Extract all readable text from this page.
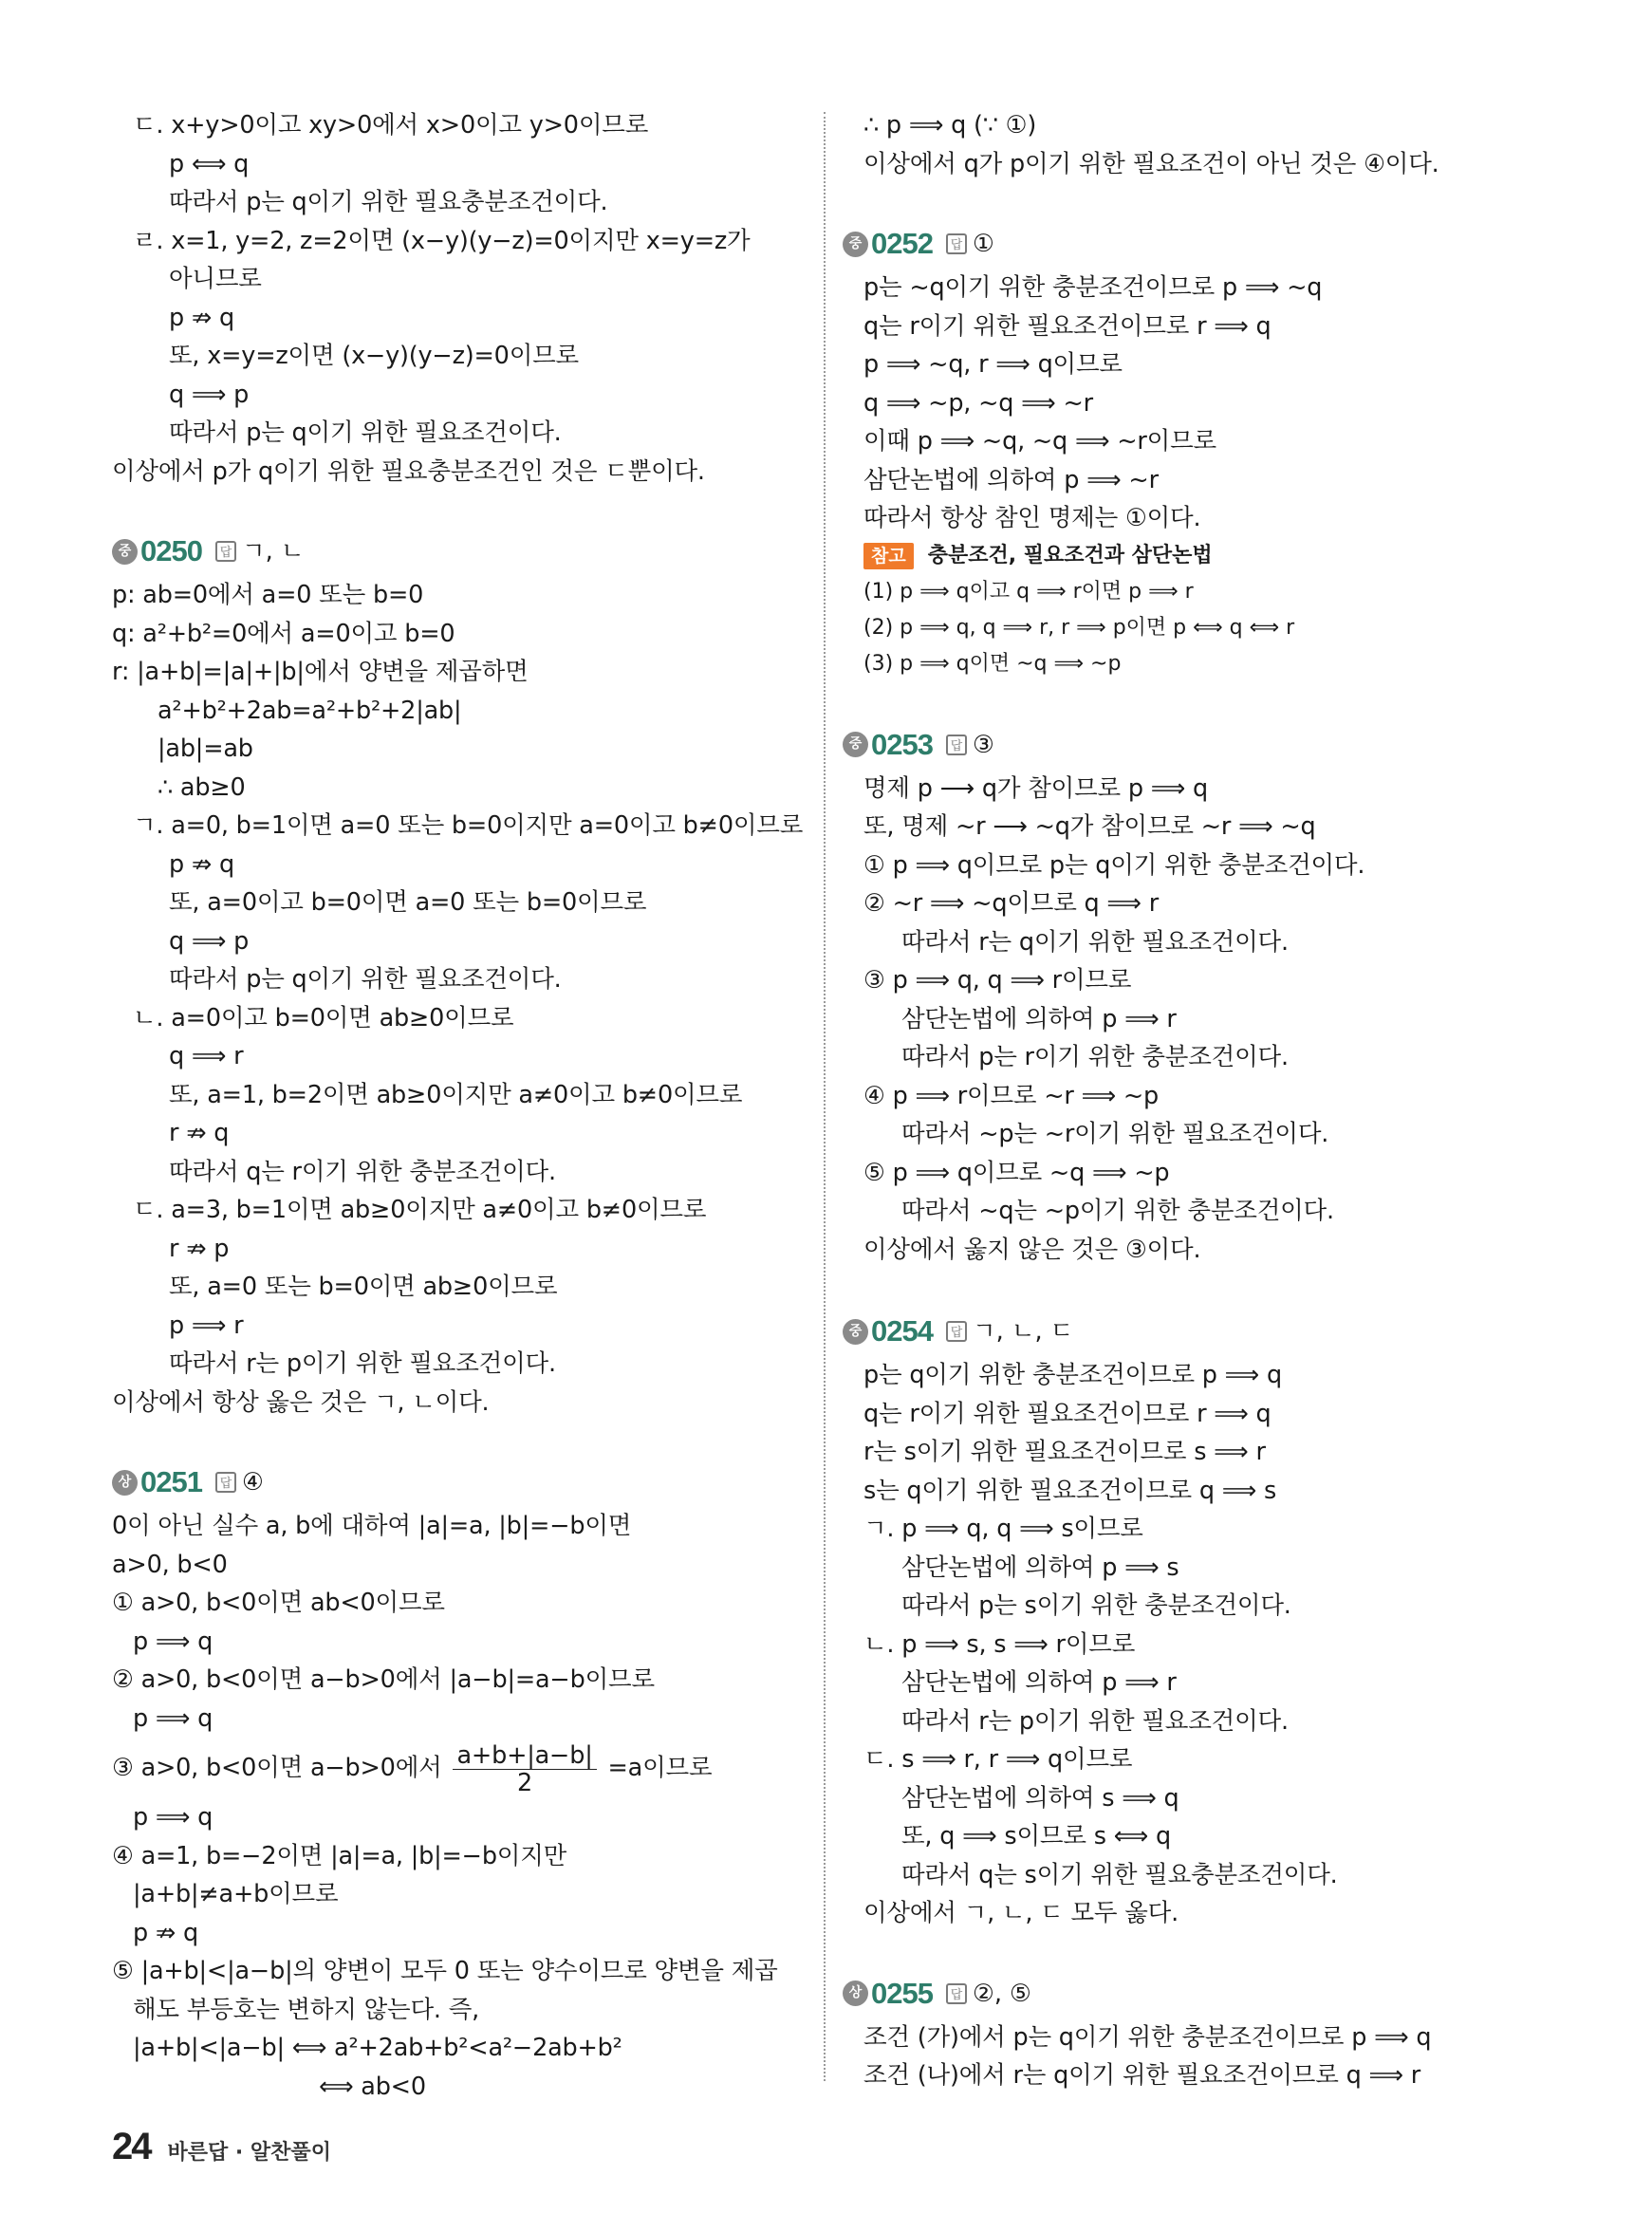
ㄷ. x+y>0이고 xy>0에서 x>0이고 y>0이므로
p ⟺ q
따라서 p는 q이기 위한 필요충분조건이다.
ㄹ. x=1, y=2, z=2이면 (x−y)(y−z)=0이지만 x=y=z가
아니므로
p ⇏ q
또, x=y=z이면 (x−y)(y−z)=0이므로
q ⟹ p
따라서 p는 q이기 위한 필요조건이다.
이상에서 p가 q이기 위한 필요충분조건인 것은 ㄷ뿐이다.
중 0250	답 ㄱ, ㄴ
p: ab=0에서 a=0 또는 b=0
q: a²+b²=0에서 a=0이고 b=0
r: |a+b|=|a|+|b|에서 양변을 제곱하면
a²+b²+2ab=a²+b²+2|ab|
|ab|=ab
∴ ab≥0
ㄱ. a=0, b=1이면 a=0 또는 b=0이지만 a=0이고 b≠0이므로
p ⇏ q
또, a=0이고 b=0이면 a=0 또는 b=0이므로
q ⟹ p
따라서 p는 q이기 위한 필요조건이다.
ㄴ. a=0이고 b=0이면 ab≥0이므로
q ⟹ r
또, a=1, b=2이면 ab≥0이지만 a≠0이고 b≠0이므로
r ⇏ q
따라서 q는 r이기 위한 충분조건이다.
ㄷ. a=3, b=1이면 ab≥0이지만 a≠0이고 b≠0이므로
r ⇏ p
또, a=0 또는 b=0이면 ab≥0이므로
p ⟹ r
따라서 r는 p이기 위한 필요조건이다.
이상에서 항상 옳은 것은 ㄱ, ㄴ이다.
상 0251	답 ④
0이 아닌 실수 a, b에 대하여 |a|=a, |b|=−b이면
a>0, b<0
① a>0, b<0이면 ab<0이므로
p ⟹ q
② a>0, b<0이면 a−b>0에서 |a−b|=a−b이므로
p ⟹ q
③ a>0, b<0이면 a−b>0에서 $\frac{a+b+|a-b|}{2} =a$이므로
p ⟹ q
④ a=1, b=−2이면 |a|=a, |b|=−b이지만
|a+b|≠a+b이므로
p ⇏ q
⑤ |a+b|<|a−b|의 양변이 모두 0 또는 양수이므로 양변을 제곱
해도 부등호는 변하지 않는다. 즉,
|a+b|<|a−b| ⟺ a²+2ab+b²<a²−2ab+b²
⟺ ab<0
∴ p ⟹ q (∵ ①)
이상에서 q가 p이기 위한 필요조건이 아닌 것은 ④이다.
중 0252	답 ①
p는 ~q이기 위한 충분조건이므로 p ⟹ ~q
q는 r이기 위한 필요조건이므로 r ⟹ q
p ⟹ ~q, r ⟹ q이므로
q ⟹ ~p, ~q ⟹ ~r
이때 p ⟹ ~q, ~q ⟹ ~r이므로
삼단논법에 의하여 p ⟹ ~r
따라서 항상 참인 명제는 ①이다.
참고 충분조건, 필요조건과 삼단논법
(1) p ⟹ q이고 q ⟹ r이면 p ⟹ r
(2) p ⟹ q, q ⟹ r, r ⟹ p이면 p ⟺ q ⟺ r
(3) p ⟹ q이면 ~q ⟹ ~p
중 0253	답 ③
명제 p ⟶ q가 참이므로 p ⟹ q
또, 명제 ~r ⟶ ~q가 참이므로 ~r ⟹ ~q
① p ⟹ q이므로 p는 q이기 위한 충분조건이다.
② ~r ⟹ ~q이므로 q ⟹ r
따라서 r는 q이기 위한 필요조건이다.
③ p ⟹ q, q ⟹ r이므로
삼단논법에 의하여 p ⟹ r
따라서 p는 r이기 위한 충분조건이다.
④ p ⟹ r이므로 ~r ⟹ ~p
따라서 ~p는 ~r이기 위한 필요조건이다.
⑤ p ⟹ q이므로 ~q ⟹ ~p
따라서 ~q는 ~p이기 위한 충분조건이다.
이상에서 옳지 않은 것은 ③이다.
중 0254	답 ㄱ, ㄴ, ㄷ
p는 q이기 위한 충분조건이므로 p ⟹ q
q는 r이기 위한 필요조건이므로 r ⟹ q
r는 s이기 위한 필요조건이므로 s ⟹ r
s는 q이기 위한 필요조건이므로 q ⟹ s
ㄱ. p ⟹ q, q ⟹ s이므로
삼단논법에 의하여 p ⟹ s
따라서 p는 s이기 위한 충분조건이다.
ㄴ. p ⟹ s, s ⟹ r이므로
삼단논법에 의하여 p ⟹ r
따라서 r는 p이기 위한 필요조건이다.
ㄷ. s ⟹ r, r ⟹ q이므로
삼단논법에 의하여 s ⟹ q
또, q ⟹ s이므로 s ⟺ q
따라서 q는 s이기 위한 필요충분조건이다.
이상에서 ㄱ, ㄴ, ㄷ 모두 옳다.
상 0255	답 ②, ⑤
조건 (가)에서 p는 q이기 위한 충분조건이므로 p ⟹ q
조건 (나)에서 r는 q이기 위한 필요조건이므로 q ⟹ r
24 바른답 · 알찬풀이
